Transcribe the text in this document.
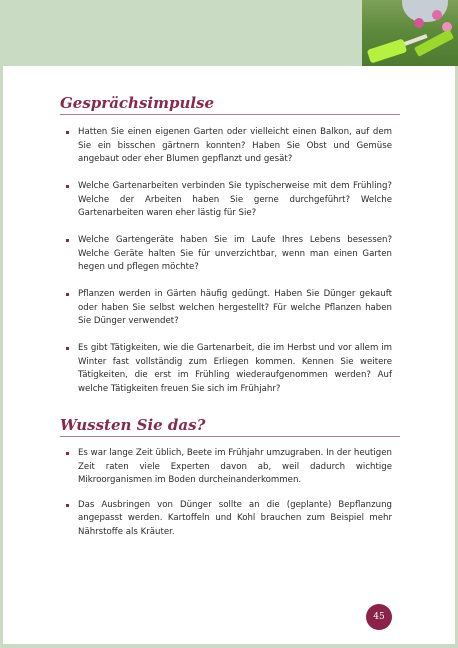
Gesprächsimpulse
Hatten Sie einen eigenen Garten oder vielleicht einen Balkon, auf dem Sie ein bisschen gärtnern konnten? Haben Sie Obst und Gemüse angebaut oder eher Blumen gepflanzt und gesät?
Welche Gartenarbeiten verbinden Sie typischerweise mit dem Frühling? Welche der Arbeiten haben Sie gerne durchgeführt? Welche Gartenarbeiten waren eher lästig für Sie?
Welche Gartengeräte haben Sie im Laufe Ihres Lebens besessen? Welche Geräte halten Sie für unverzichtbar, wenn man einen Garten hegen und pflegen möchte?
Pflanzen werden in Gärten häufig gedüngt. Haben Sie Dünger gekauft oder haben Sie selbst welchen hergestellt? Für welche Pflanzen haben Sie Dünger verwendet?
Es gibt Tätigkeiten, wie die Gartenarbeit, die im Herbst und vor allem im Winter fast vollständig zum Erliegen kommen. Kennen Sie weitere Tätigkeiten, die erst im Frühling wiederaufgenommen werden? Auf welche Tätigkeiten freuen Sie sich im Frühjahr?
Wussten Sie das?
Es war lange Zeit üblich, Beete im Frühjahr umzugraben. In der heutigen Zeit raten viele Experten davon ab, weil dadurch wichtige Mikroorganismen im Boden durcheinanderkommen.
Das Ausbringen von Dünger sollte an die (geplante) Bepflanzung angepasst werden. Kartoffeln und Kohl brauchen zum Beispiel mehr Nährstoffe als Kräuter.
45
